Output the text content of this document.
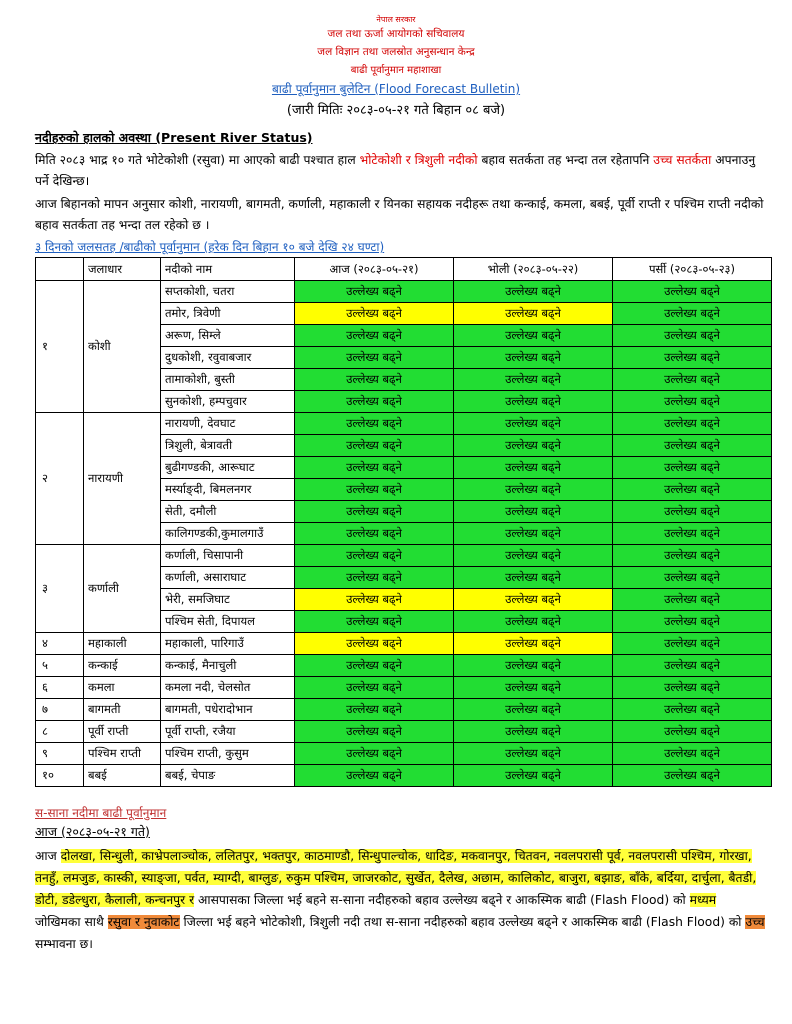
नेपाल सरकार
जल तथा ऊर्जा आयोगको सचिवालय
जल विज्ञान तथा जलस्रोत अनुसन्धान केन्द्र
बाढी पूर्वानुमान महाशाखा
बाढी पूर्वानुमान बुलेटिन (Flood Forecast Bulletin)
(जारी मितिः २०८३-०५-२१ गते बिहान ०८ बजे)
नदीहरुको हालको अवस्था (Present River Status)
मिति २०८३ भाद्र १० गते भोटेकोशी (रसुवा) मा आएको बाढी पश्चात हाल भोटेकोशी र त्रिशुली नदीको बहाव सतर्कता तह भन्दा तल रहेतापनि उच्च सतर्कता अपनाउनु पर्ने देखिन्छ।
आज बिहानको मापन अनुसार कोशी, नारायणी, बागमती, कर्णाली, महाकाली र यिनका सहायक नदीहरू तथा कन्काई, कमला, बबई, पूर्वी राप्ती र पश्चिम राप्ती नदीको बहाव सतर्कता तह भन्दा तल रहेको छ ।
३ दिनको जलसतह /बाढीको पूर्वानुमान (हरेक दिन बिहान १० बजे देखि २४ घण्टा)
	जलाधार	नदीको नाम	आज (२०८३-०५-२१)	भोली (२०८३-०५-२२)	पर्सी (२०८३-०५-२३)
१	कोशी	सप्तकोशी, चतरा	उल्लेख्य बढ्ने	उल्लेख्य बढ्ने	उल्लेख्य बढ्ने
		तमोर, त्रिवेणी	उल्लेख्य बढ्ने	उल्लेख्य बढ्ने	उल्लेख्य बढ्ने
		अरूण, सिम्ले	उल्लेख्य बढ्ने	उल्लेख्य बढ्ने	उल्लेख्य बढ्ने
		दुधकोशी, रवुवाबजार	उल्लेख्य बढ्ने	उल्लेख्य बढ्ने	उल्लेख्य बढ्ने
		तामाकोशी, बुस्ती	उल्लेख्य बढ्ने	उल्लेख्य बढ्ने	उल्लेख्य बढ्ने
		सुनकोशी, हम्पचुवार	उल्लेख्य बढ्ने	उल्लेख्य बढ्ने	उल्लेख्य बढ्ने
२	नारायणी	नारायणी, देवघाट	उल्लेख्य बढ्ने	उल्लेख्य बढ्ने	उल्लेख्य बढ्ने
		त्रिशुली, बेत्रावती	उल्लेख्य बढ्ने	उल्लेख्य बढ्ने	उल्लेख्य बढ्ने
		बुढीगण्डकी, आरूघाट	उल्लेख्य बढ्ने	उल्लेख्य बढ्ने	उल्लेख्य बढ्ने
		मर्स्याङ्दी, बिमलनगर	उल्लेख्य बढ्ने	उल्लेख्य बढ्ने	उल्लेख्य बढ्ने
		सेती, दमौली	उल्लेख्य बढ्ने	उल्लेख्य बढ्ने	उल्लेख्य बढ्ने
		कालिगण्डकी,कुमालगाउँ	उल्लेख्य बढ्ने	उल्लेख्य बढ्ने	उल्लेख्य बढ्ने
३	कर्णाली	कर्णाली, चिसापानी	उल्लेख्य बढ्ने	उल्लेख्य बढ्ने	उल्लेख्य बढ्ने
		कर्णाली, असाराघाट	उल्लेख्य बढ्ने	उल्लेख्य बढ्ने	उल्लेख्य बढ्ने
		भेरी, समजिघाट	उल्लेख्य बढ्ने	उल्लेख्य बढ्ने	उल्लेख्य बढ्ने
		पश्चिम सेती, दिपायल	उल्लेख्य बढ्ने	उल्लेख्य बढ्ने	उल्लेख्य बढ्ने
४	महाकाली	महाकाली, पारिगाउँ	उल्लेख्य बढ्ने	उल्लेख्य बढ्ने	उल्लेख्य बढ्ने
५	कन्काई	कन्काई, मैनाचुली	उल्लेख्य बढ्ने	उल्लेख्य बढ्ने	उल्लेख्य बढ्ने
६	कमला	कमला नदी, चेलसोत	उल्लेख्य बढ्ने	उल्लेख्य बढ्ने	उल्लेख्य बढ्ने
७	बागमती	बागमती, पधेरादोभान	उल्लेख्य बढ्ने	उल्लेख्य बढ्ने	उल्लेख्य बढ्ने
८	पूर्वी राप्ती	पूर्वी राप्ती, रजैया	उल्लेख्य बढ्ने	उल्लेख्य बढ्ने	उल्लेख्य बढ्ने
९	पश्चिम राप्ती	पश्चिम राप्ती, कुसुम	उल्लेख्य बढ्ने	उल्लेख्य बढ्ने	उल्लेख्य बढ्ने
१०	बबई	बबई, चेपाङ	उल्लेख्य बढ्ने	उल्लेख्य बढ्ने	उल्लेख्य बढ्ने
स-साना नदीमा बाढी पूर्वानुमान
आज (२०८३-०५-२१ गते)
आज दोलखा, सिन्धुली, काभ्रेपलाञ्चोक, ललितपुर, भक्तपुर, काठमाण्डौ, सिन्धुपाल्चोक, धादिङ, मकवानपुर, चितवन, नवलपरासी पूर्व, नवलपरासी पश्चिम, गोरखा, तनहुँ, लमजुङ, कास्की, स्याङ्जा, पर्वत, म्याग्दी, बाग्लुङ, रुकुम पश्चिम, जाजरकोट, सुर्खेत, दैलेख, अछाम, कालिकोट, बाजुरा, बझाङ, बाँके, बर्दिया, दार्चुला, बैतडी, डोटी, डडेल्धुरा, कैलाली, कन्चनपुर र आसपासका जिल्ला भई बहने स-साना नदीहरुको बहाव उल्लेख्य बढ्ने र आकस्मिक बाढी (Flash Flood) को मध्यम जोखिमका साथै रसुवा र नुवाकोट जिल्ला भई बहने भोटेकोशी, त्रिशुली नदी तथा स-साना नदीहरुको बहाव उल्लेख्य बढ्ने र आकस्मिक बाढी (Flash Flood) को उच्च सम्भावना छ।
